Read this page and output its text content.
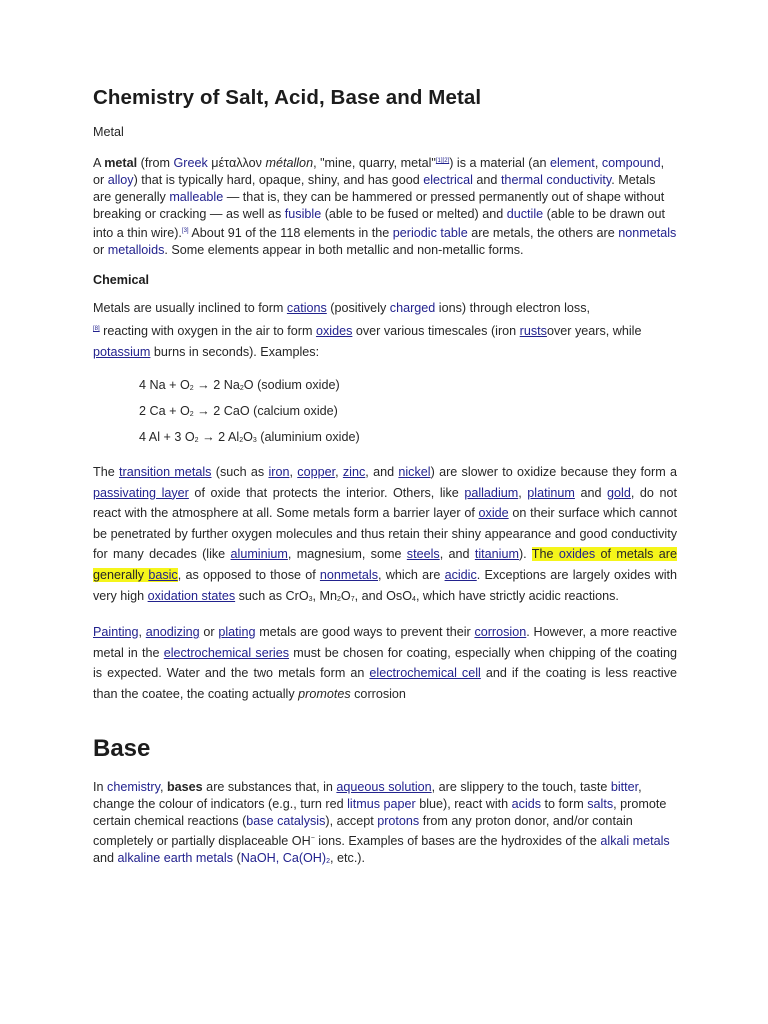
Chemistry of Salt, Acid, Base and Metal
Metal
A metal (from Greek μέταλλον métallon, "mine, quarry, metal"[1][2]) is a material (an element, compound, or alloy) that is typically hard, opaque, shiny, and has good electrical and thermal conductivity. Metals are generally malleable — that is, they can be hammered or pressed permanently out of shape without breaking or cracking — as well as fusible (able to be fused or melted) and ductile (able to be drawn out into a thin wire).[3] About 91 of the 118 elements in the periodic table are metals, the others are nonmetals or metalloids. Some elements appear in both metallic and non-metallic forms.
Chemical
Metals are usually inclined to form cations (positively charged ions) through electron loss,
[8] reacting with oxygen in the air to form oxides over various timescales (iron rustsover years, while potassium burns in seconds). Examples:
4 $Na + O_2 \to 2$ $Na_2O$ (sodium oxide)
2 $Ca + O_2 \to 2$ CaO (calcium oxide)
4 Al + 3 $O_2 \to 2$ $Al_2O_3$ (aluminium oxide)
The transition metals (such as iron, copper, zinc, and nickel) are slower to oxidize because they form a passivating layer of oxide that protects the interior. Others, like palladium, platinum and gold, do not react with the atmosphere at all. Some metals form a barrier layer of oxide on their surface which cannot be penetrated by further oxygen molecules and thus retain their shiny appearance and good conductivity for many decades (like aluminium, magnesium, some steels, and titanium). The oxides of metals are generally basic, as opposed to those of nonmetals, which are acidic. Exceptions are largely oxides with very high oxidation states such as CrO$_3$, $Mn_2O_7$, and OsO$_4$, which have strictly acidic reactions.
Painting, anodizing or plating metals are good ways to prevent their corrosion. However, a more reactive metal in the electrochemical series must be chosen for coating, especially when chipping of the coating is expected. Water and the two metals form an electrochemical cell and if the coating is less reactive than the coatee, the coating actually promotes corrosion
Base
In chemistry, bases are substances that, in aqueous solution, are slippery to the touch, taste bitter, change the colour of indicators (e.g., turn red litmus paper blue), react with acids to form salts, promote certain chemical reactions (base catalysis), accept protons from any proton donor, and/or contain completely or partially displaceable OH− ions. Examples of bases are the hydroxides of the alkali metals and alkaline earth metals (NaOH, $Ca(OH)_2$, etc.).
